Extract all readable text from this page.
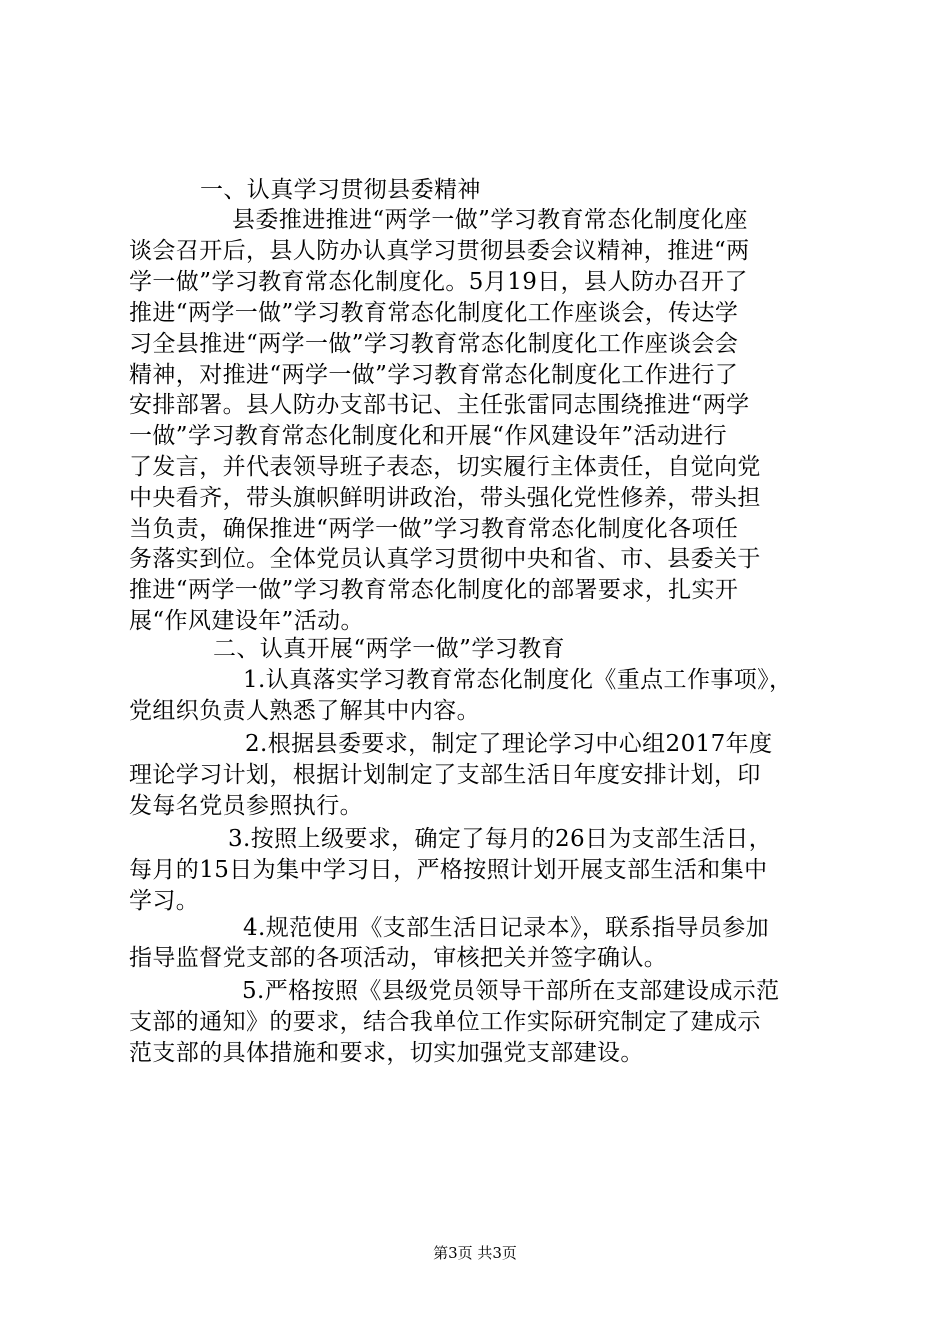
一、认真学习贯彻县委精神
县委推进推进“两学一做”学习教育常态化制度化座
谈会召开后，县人防办认真学习贯彻县委会议精神，推进“两
学一做”学习教育常态化制度化。5月19日，县人防办召开了
推进“两学一做”学习教育常态化制度化工作座谈会，传达学
习全县推进“两学一做”学习教育常态化制度化工作座谈会会
精神，对推进“两学一做”学习教育常态化制度化工作进行了
安排部署。县人防办支部书记、主任张雷同志围绕推进“两学
一做”学习教育常态化制度化和开展“作风建设年”活动进行
了发言，并代表领导班子表态，切实履行主体责任，自觉向党
中央看齐，带头旗帜鲜明讲政治，带头强化党性修养，带头担
当负责，确保推进“两学一做”学习教育常态化制度化各项任
务落实到位。全体党员认真学习贯彻中央和省、市、县委关于
推进“两学一做”学习教育常态化制度化的部署要求，扎实开
展“作风建设年”活动。
二、认真开展“两学一做”学习教育
1.认真落实学习教育常态化制度化《重点工作事项》，
党组织负责人熟悉了解其中内容。
2.根据县委要求，制定了理论学习中心组2017年度
理论学习计划，根据计划制定了支部生活日年度安排计划，印
发每名党员参照执行。
3.按照上级要求，确定了每月的26日为支部生活日，
每月的15日为集中学习日，严格按照计划开展支部生活和集中
学习。
4.规范使用《支部生活日记录本》，联系指导员参加
指导监督党支部的各项活动，审核把关并签字确认。
5.严格按照《县级党员领导干部所在支部建设成示范
支部的通知》的要求，结合我单位工作实际研究制定了建成示
范支部的具体措施和要求，切实加强党支部建设。
第3页 共3页
